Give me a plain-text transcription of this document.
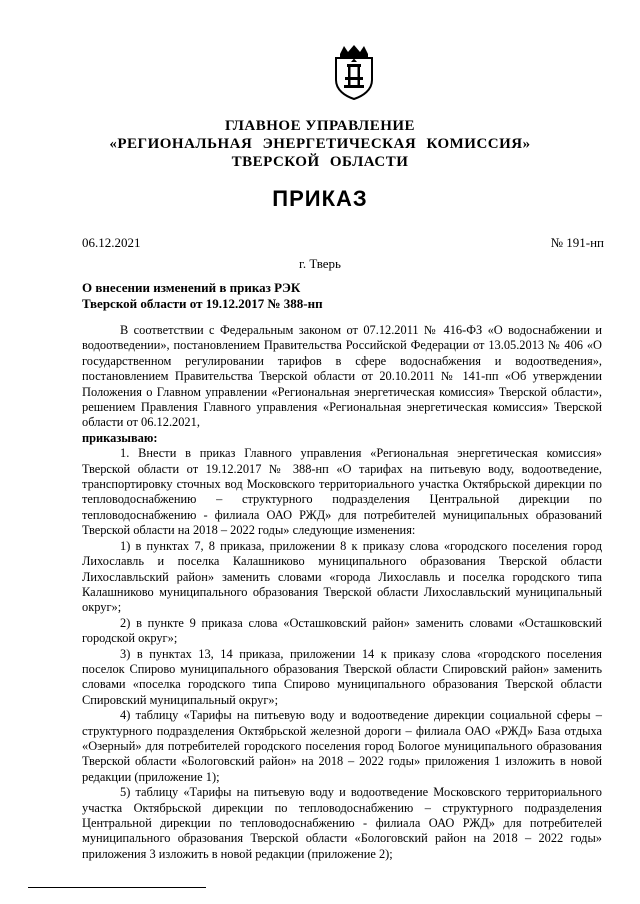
ГЛАВНОЕ УПРАВЛЕНИЕ
«РЕГИОНАЛЬНАЯ ЭНЕРГЕТИЧЕСКАЯ КОМИССИЯ»
ТВЕРСКОЙ ОБЛАСТИ
ПРИКАЗ
06.12.2021	№ 191-нп
г. Тверь
О внесении изменений в приказ РЭК
Тверской области от 19.12.2017 № 388-нп

В соответствии с Федеральным законом от 07.12.2011 № 416-ФЗ «О водоснабжении и водоотведении», постановлением Правительства Российской Федерации от 13.05.2013 № 406 «О государственном регулировании тарифов в сфере водоснабжения и водоотведения», постановлением Правительства Тверской области от 20.10.2011 № 141-пп «Об утверждении Положения о Главном управлении «Региональная энергетическая комиссия» Тверской области», решением Правления Главного управления «Региональная энергетическая комиссия» Тверской области от 06.12.2021,

приказываю:

1. Внести в приказ Главного управления «Региональная энергетическая комиссия» Тверской области от 19.12.2017 № 388-нп «О тарифах на питьевую воду, водоотведение, транспортировку сточных вод Московского территориального участка Октябрьской дирекции по тепловодоснабжению – структурного подразделения Центральной дирекции по тепловодоснабжению - филиала ОАО РЖД» для потребителей муниципальных образований Тверской области на 2018 – 2022 годы» следующие изменения:

1) в пунктах 7, 8 приказа, приложении 8 к приказу слова «городского поселения город Лихославль и поселка Калашниково муниципального образования Тверской области Лихославльский район» заменить словами «города Лихославль и поселка городского типа Калашниково муниципального образования Тверской области Лихославльский муниципальный округ»;

2) в пункте 9 приказа слова «Осташковский район» заменить словами «Осташковский городской округ»;

3) в пунктах 13, 14 приказа, приложении 14 к приказу слова «городского поселения поселок Спирово муниципального образования Тверской области Спировский район» заменить словами «поселка городского типа Спирово муниципального образования Тверской области Спировский муниципальный округ»;

4) таблицу «Тарифы на питьевую воду и водоотведение дирекции социальной сферы – структурного подразделения Октябрьской железной дороги – филиала ОАО «РЖД» База отдыха «Озерный» для потребителей городского поселения город Бологое муниципального образования Тверской области «Бологовский район» на 2018 – 2022 годы» приложения 1 изложить в новой редакции (приложение 1);

5) таблицу «Тарифы на питьевую воду и водоотведение Московского территориального участка Октябрьской дирекции по тепловодоснабжению – структурного подразделения Центральной дирекции по тепловодоснабжению - филиала ОАО РЖД» для потребителей муниципального образования Тверской области «Бологовский район на 2018 – 2022 годы» приложения 3 изложить в новой редакции (приложение 2);
